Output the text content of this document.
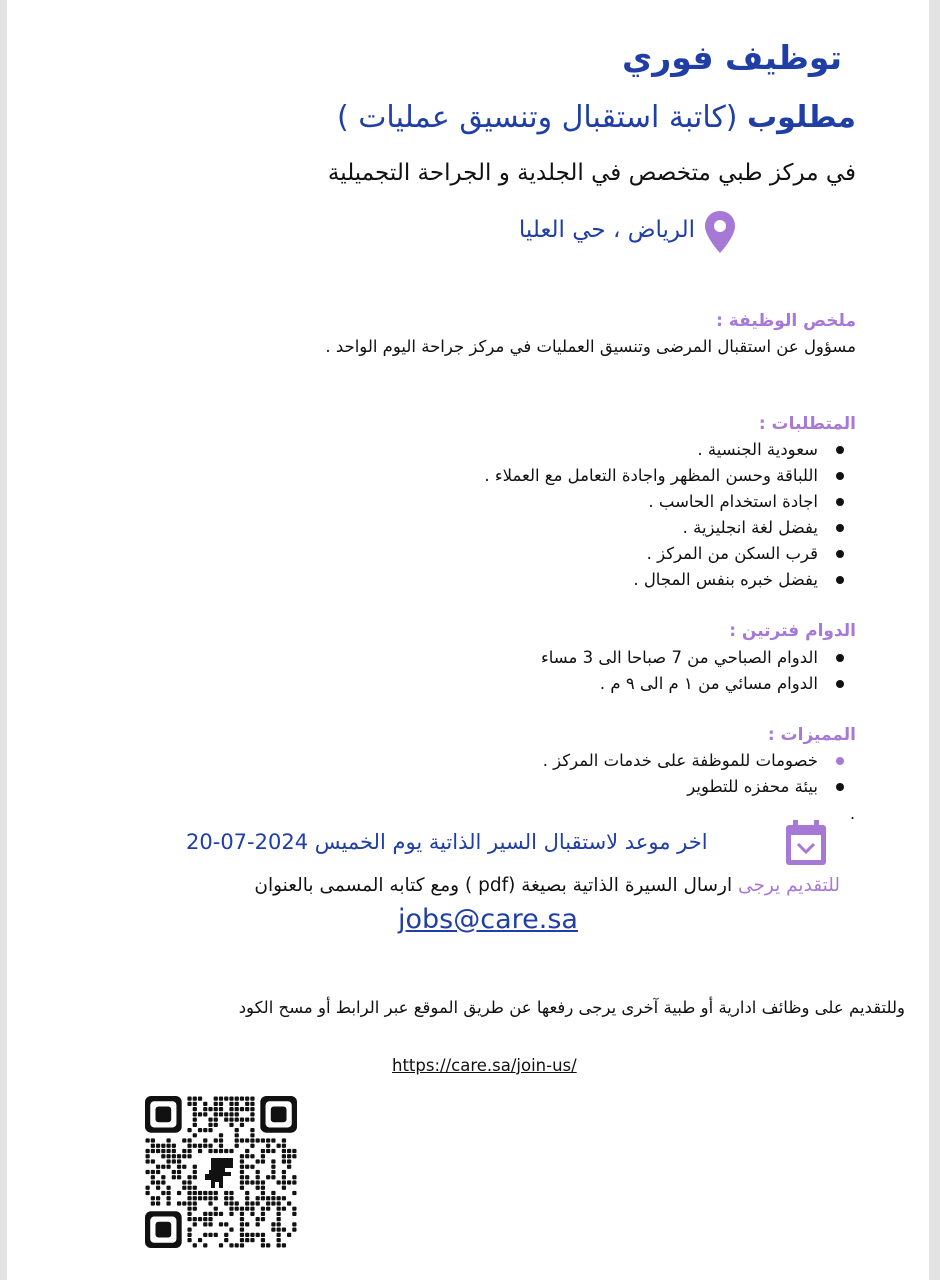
توظيف فوري
مطلوب (كاتبة استقبال وتنسيق عمليات )
في مركز طبي متخصص في الجلدية و الجراحة التجميلية
الرياض ، حي العليا
ملخص الوظيفة :
مسؤول عن استقبال المرضى وتنسيق العمليات في مركز جراحة اليوم الواحد .
المتطلبات :
سعودية الجنسية .
اللباقة وحسن المظهر واجادة التعامل مع العملاء .
اجادة استخدام الحاسب .
يفضل لغة انجليزية .
قرب السكن من المركز .
يفضل خبره بنفس المجال .
الدوام فترتين :
الدوام الصباحي من 7 صباحا الى 3 مساء
الدوام مسائي من ١ م الى ٩ م .
المميزات :
خصومات للموظفة على خدمات المركز .
بيئة محفزه للتطوير
.
اخر موعد لاستقبال السير الذاتية يوم الخميس 2024-07-20
للتقديم يرجى ارسال السيرة الذاتية بصيغة (pdf ) ومع كتابه المسمى بالعنوان
jobs@care.sa
وللتقديم على وظائف ادارية أو طبية آخرى يرجى رفعها عن طريق الموقع عبر الرابط أو مسح الكود
https://care.sa/join-us/
